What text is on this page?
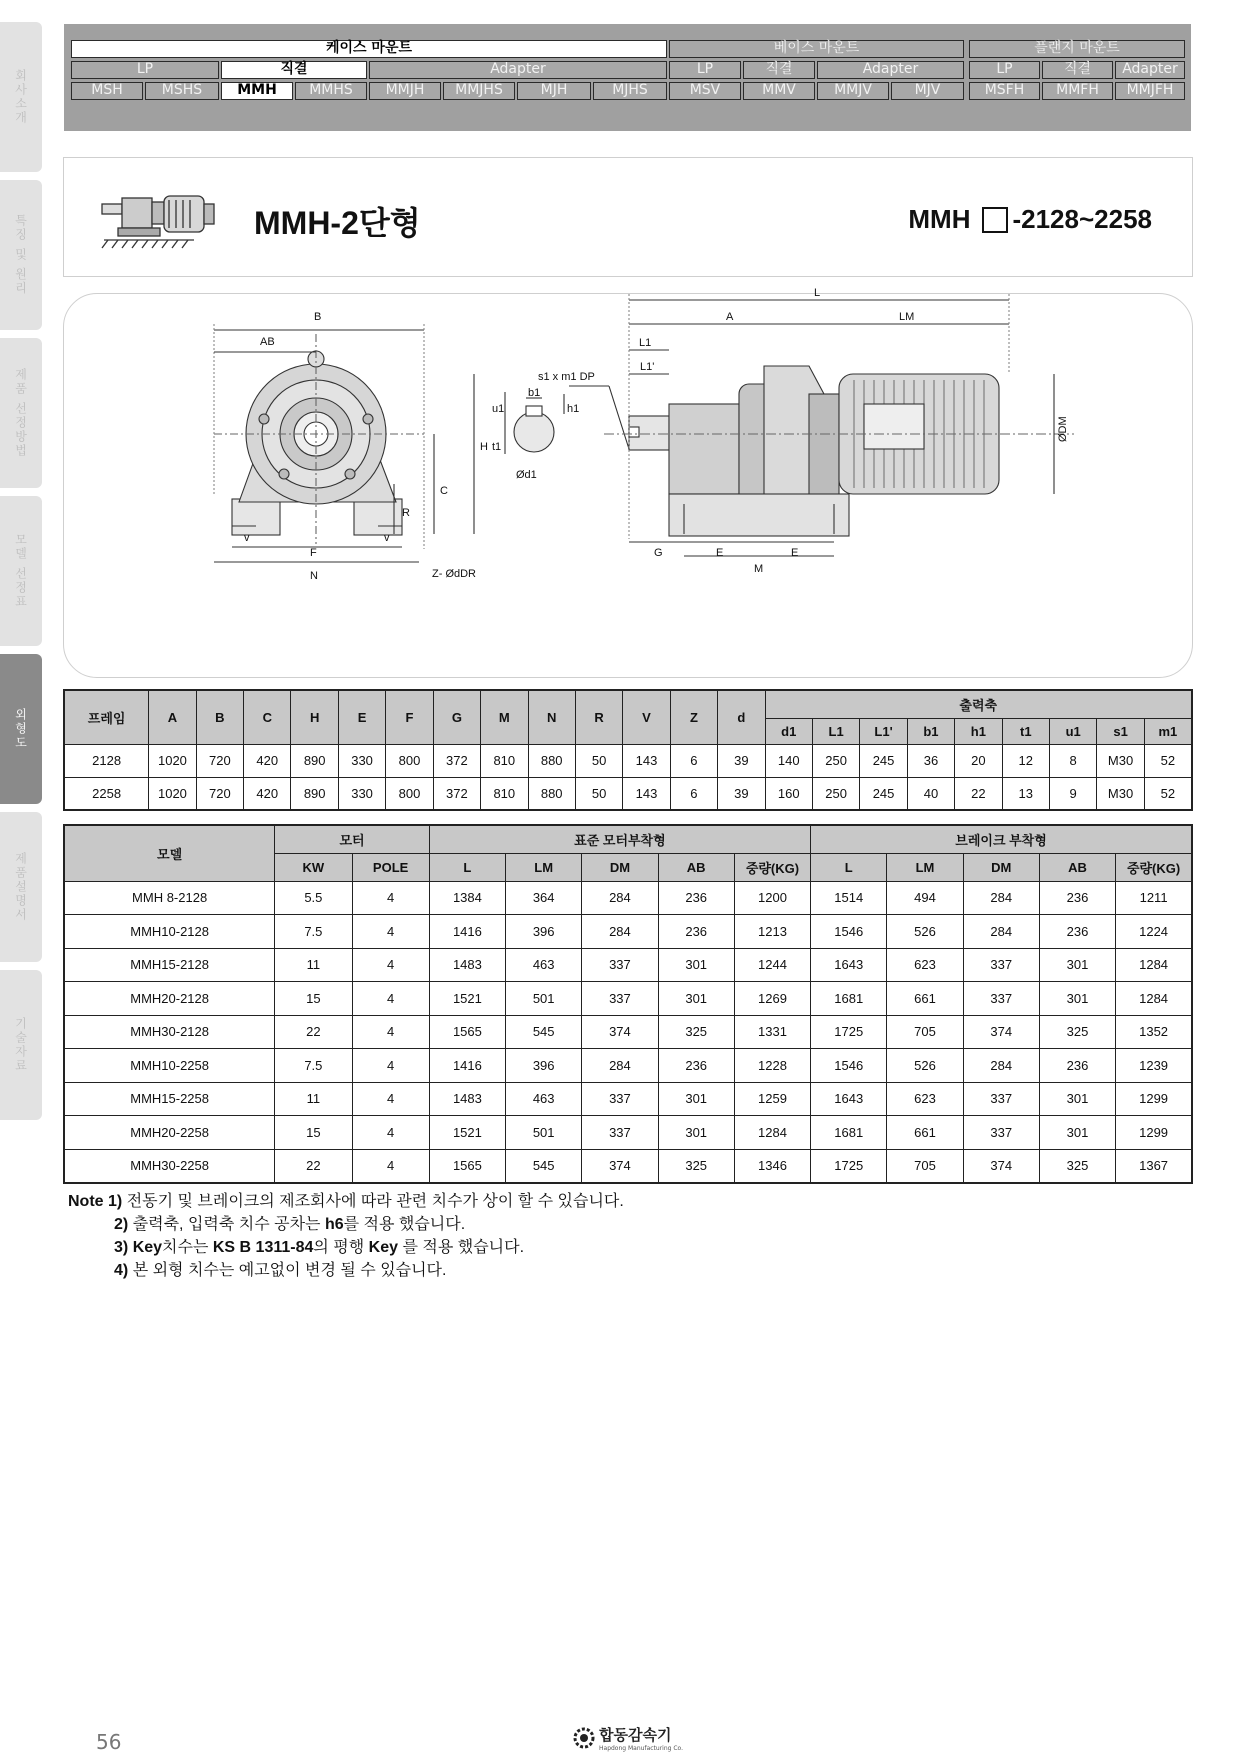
회사소개
특징 및 원리
제품 선정방법
모델 선정표
외형도
제품설명서
기술자료
케이스 마운트	베이스 마운트	플랜지 마운트
LP	직결	Adapter	LP	직결	Adapter	LP	직결	Adapter
MSH	MSHS	MMH	MMHS	MMJH	MMJHS	MJH	MJHS	MSV	MMV	MMJV	MJV	MSFH	MMFH	MMJFH
MMH-2단형	MMH -2128~2258
B
AB
H
C
R
u1
t1
b1
h1
s1 x m1 DP
Ød1
v	v
F
N	Z- ØdDR
L
A	LM
L1
L1'
ØDM
G	E	E
M
프레임	A	B	C	H	E	F	G	M	N	R	V	Z	d	출력축								
														d1	L1	L1'	b1	h1	t1	u1	s1	m1
2128	1020	720	420	890	330	800	372	810	880	50	143	6	39	140	250	245	36	20	12	8	M30	52
2258	1020	720	420	890	330	800	372	810	880	50	143	6	39	160	250	245	40	22	13	9	M30	52
모델	모터		표준 모터부착형					브레이크 부착형				
	KW	POLE	L	LM	DM	AB	중량(KG)	L	LM	DM	AB	중량(KG)
MMH 8-2128	5.5	4	1384	364	284	236	1200	1514	494	284	236	1211
MMH10-2128	7.5	4	1416	396	284	236	1213	1546	526	284	236	1224
MMH15-2128	11	4	1483	463	337	301	1244	1643	623	337	301	1284
MMH20-2128	15	4	1521	501	337	301	1269	1681	661	337	301	1284
MMH30-2128	22	4	1565	545	374	325	1331	1725	705	374	325	1352
MMH10-2258	7.5	4	1416	396	284	236	1228	1546	526	284	236	1239
MMH15-2258	11	4	1483	463	337	301	1259	1643	623	337	301	1299
MMH20-2258	15	4	1521	501	337	301	1284	1681	661	337	301	1299
MMH30-2258	22	4	1565	545	374	325	1346	1725	705	374	325	1367
Note 1) 전동기 및 브레이크의 제조회사에 따라 관련 치수가 상이 할 수 있습니다.
2) 출력축, 입력축 치수 공차는 h6를 적용 했습니다.
3) Key치수는 KS B 1311-84의 평행 Key 를 적용 했습니다.
4) 본 외형 치수는 예고없이 변경 될 수 있습니다.
56	합동감속기
Hapdong Manufacturing Co.
